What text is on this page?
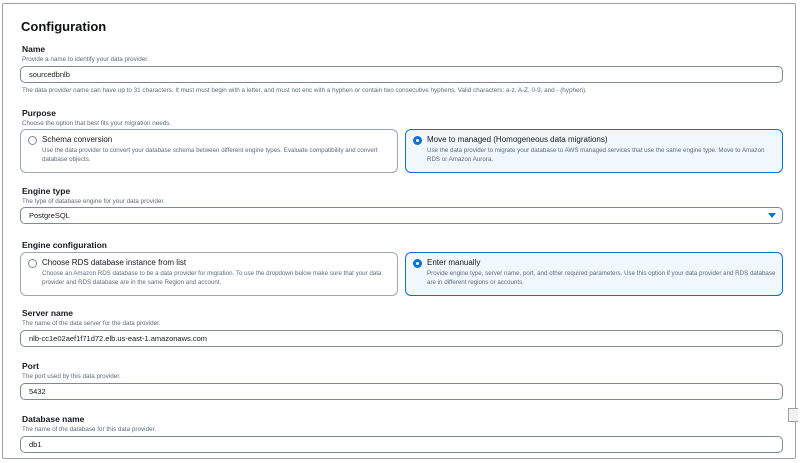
Configuration
Name
Provide a name to identify your data provider.
sourcedbnlb
The data provider name can have up to 31 characters. It must must begin with a letter, and must not enc with a hyphen or contain two consecutive hyphens. Valid characters: a-z, A-Z, 0-9, and - (hyphen).
Purpose
Choose the option that best fits your migration needs.
Schema conversion
Use the data provider to convert your database schema between different engine types. Evaluate compatibility and convert database objects.
Move to managed (Homogeneous data migrations)
Use the data provider to migrate your database to AWS managed services that use the same engine type. Move to Amazon RDS or Amazon Aurora.
Engine type
The type of database engine for your data provider.
PostgreSQL
Engine configuration
Choose RDS database instance from list
Choose an Amazon RDS database to be a data provider for migration. To use the dropdown below make sure that your data provider and RDS database are in the same Region and account.
Enter manually
Provide engine type, server name, port, and other required parameters. Use this option if your data provider and RDS database are in different regions or accounts.
Server name
The name of the data server for the data provider.
nlb-cc1e02aef1f71d72.elb.us-east-1.amazonaws.com
Port
The port used by this data provider.
5432
Database name
The name of the database for this data provider.
db1
